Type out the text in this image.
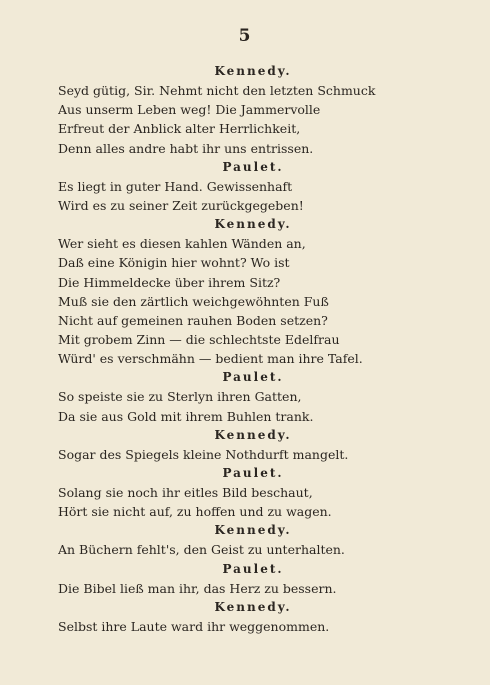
5
Kennedy.
Seyd gütig, Sir. Nehmt nicht den letzten Schmuck
Aus unserm Leben weg! Die Jammervolle
Erfreut der Anblick alter Herrlichkeit,
Denn alles andre habt ihr uns entrissen.
Paulet.
Es liegt in guter Hand. Gewissenhaft
Wird es zu seiner Zeit zurückgegeben!
Kennedy.
Wer sieht es diesen kahlen Wänden an,
Daß eine Königin hier wohnt? Wo ist
Die Himmeldecke über ihrem Sitz?
Muß sie den zärtlich weichgewöhnten Fuß
Nicht auf gemeinen rauhen Boden setzen?
Mit grobem Zinn — die schlechtste Edelfrau
Würd' es verschmähn — bedient man ihre Tafel.
Paulet.
So speiste sie zu Sterlyn ihren Gatten,
Da sie aus Gold mit ihrem Buhlen trank.
Kennedy.
Sogar des Spiegels kleine Nothdurft mangelt.
Paulet.
Solang sie noch ihr eitles Bild beschaut,
Hört sie nicht auf, zu hoffen und zu wagen.
Kennedy.
An Büchern fehlt's, den Geist zu unterhalten.
Paulet.
Die Bibel ließ man ihr, das Herz zu bessern.
Kennedy.
Selbst ihre Laute ward ihr weggenommen.
